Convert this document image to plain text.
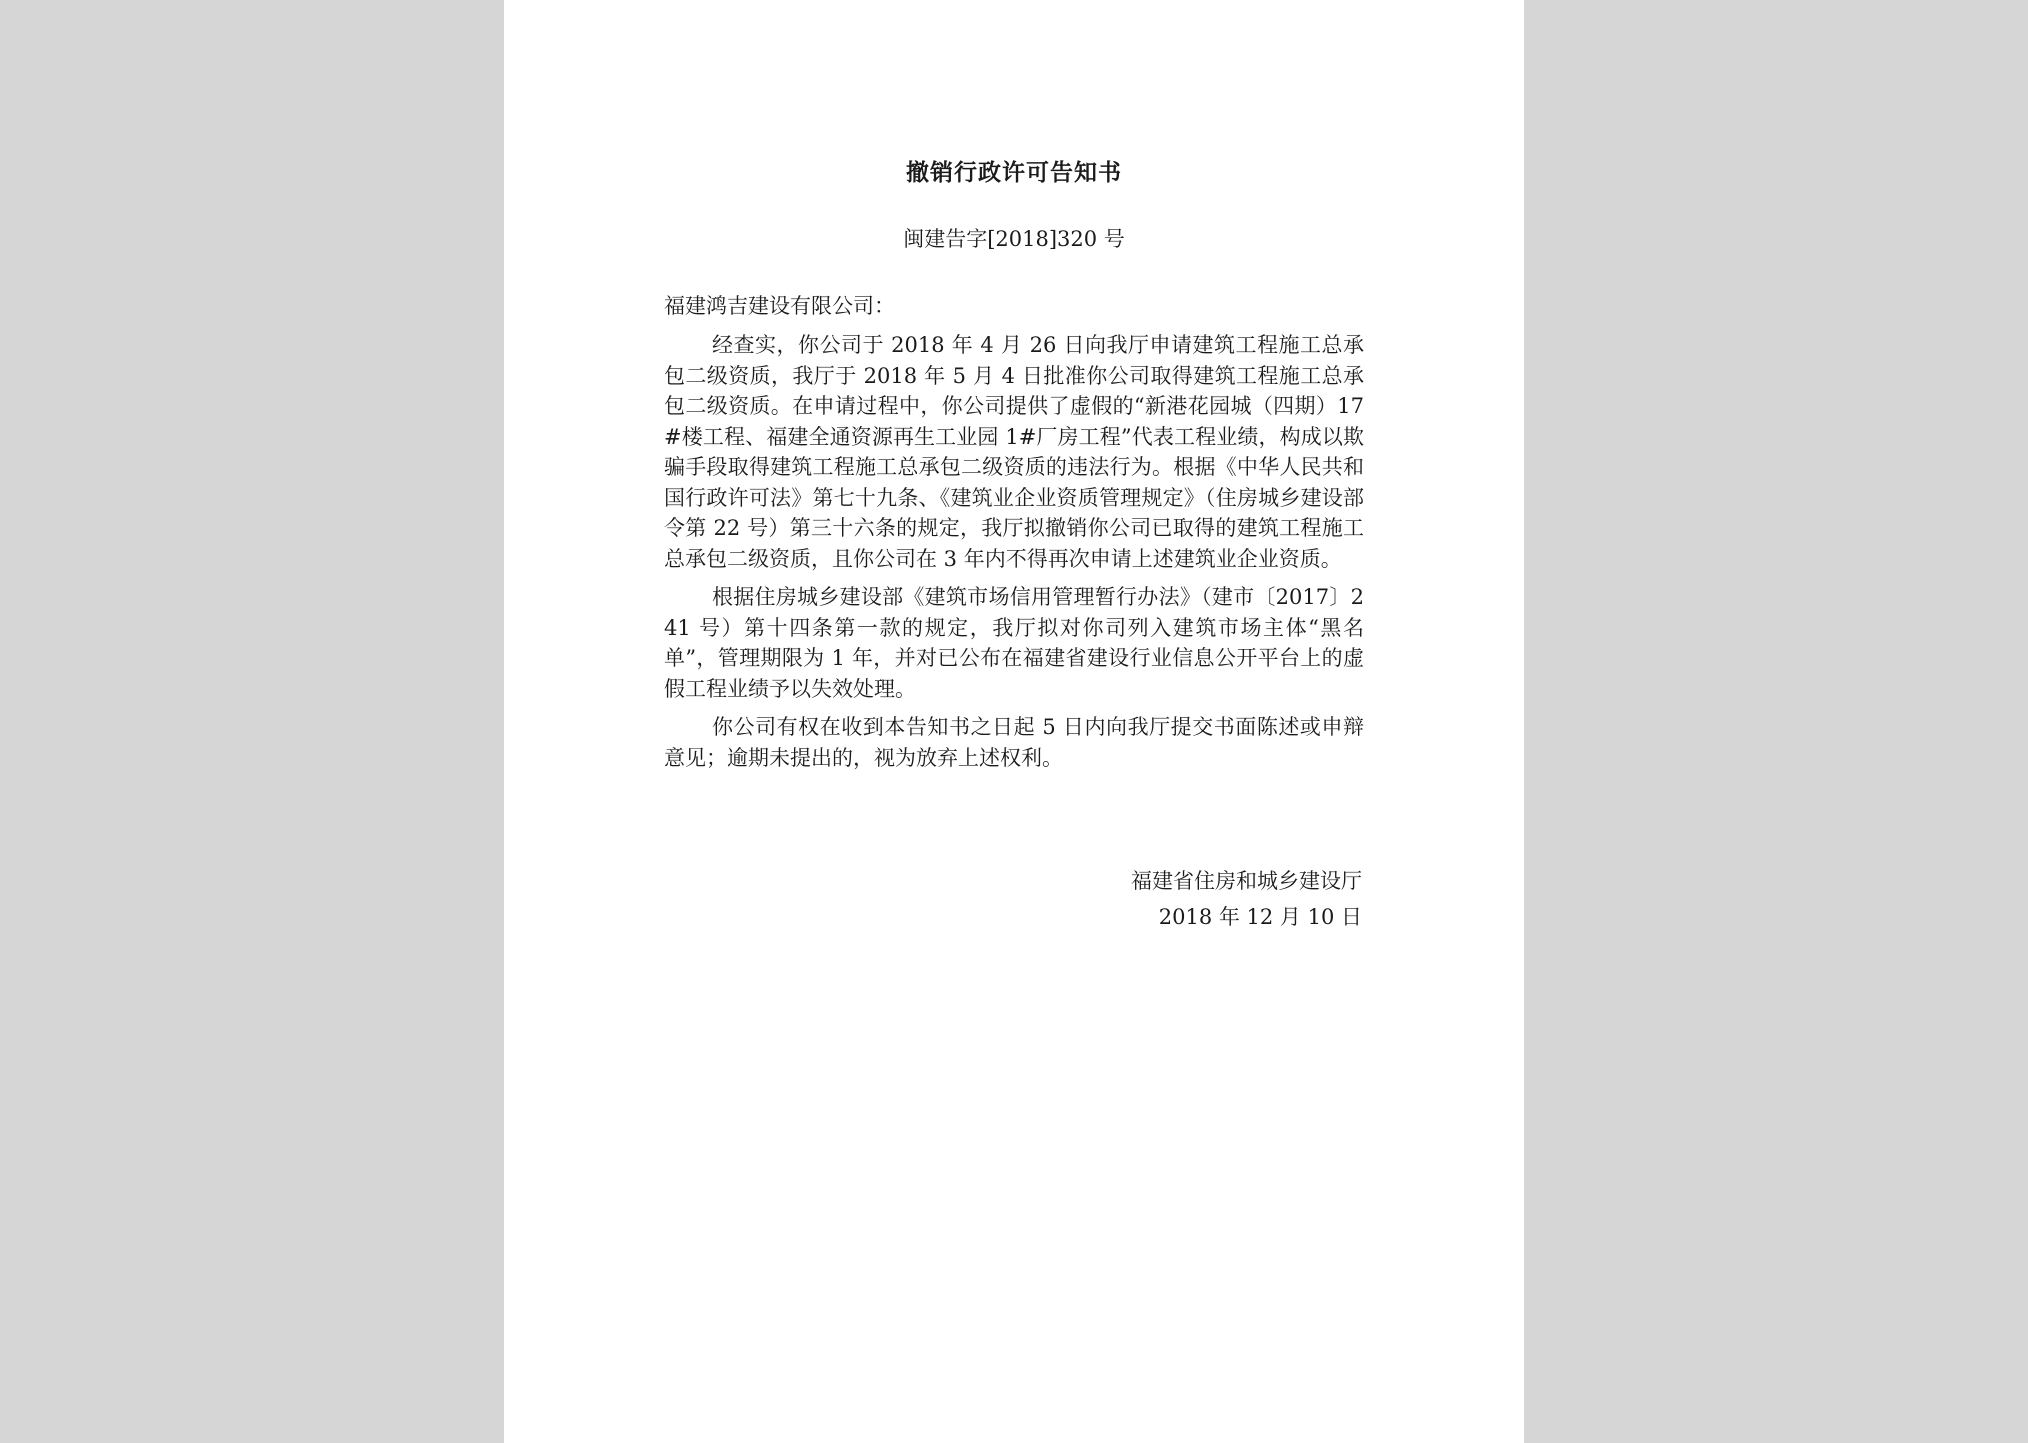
撤销行政许可告知书
闽建告字[2018]320 号
福建鸿吉建设有限公司：

经查实，你公司于 2018 年 4 月 26 日向我厅申请建筑工程施工总承包二级资质，我厅于 2018 年 5 月 4 日批准你公司取得建筑工程施工总承包二级资质。在申请过程中，你公司提供了虚假的“新港花园城（四期）17#楼工程、福建全通资源再生工业园 1#厂房工程”代表工程业绩，构成以欺骗手段取得建筑工程施工总承包二级资质的违法行为。根据《中华人民共和国行政许可法》第七十九条、《建筑业企业资质管理规定》（住房城乡建设部令第 22 号）第三十六条的规定，我厅拟撤销你公司已取得的建筑工程施工总承包二级资质，且你公司在 3 年内不得再次申请上述建筑业企业资质。

根据住房城乡建设部《建筑市场信用管理暂行办法》（建市〔2017〕241 号）第十四条第一款的规定，我厅拟对你司列入建筑市场主体“黑名单”，管理期限为 1 年，并对已公布在福建省建设行业信息公开平台上的虚假工程业绩予以失效处理。

你公司有权在收到本告知书之日起 5 日内向我厅提交书面陈述或申辩意见；逾期未提出的，视为放弃上述权利。

福建省住房和城乡建设厅
2018 年 12 月 10 日
